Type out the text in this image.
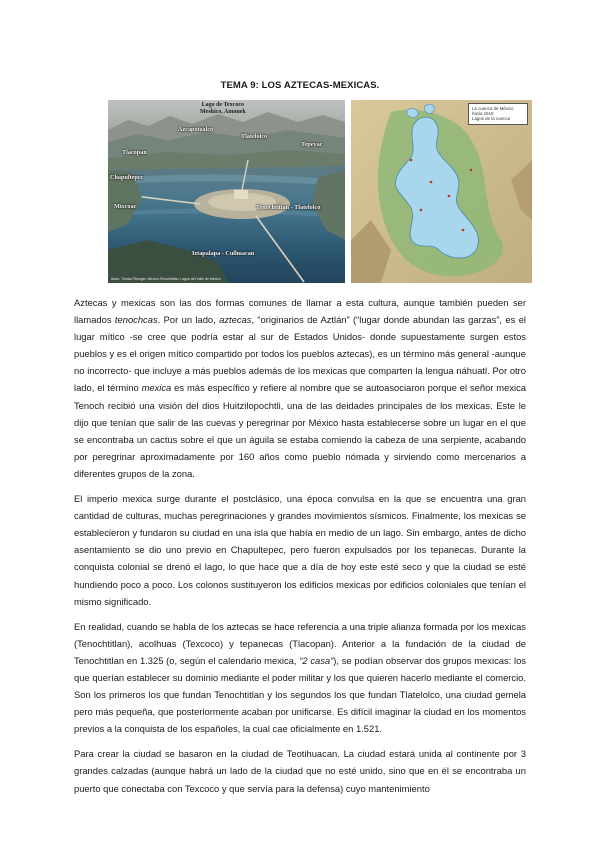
TEMA 9: LOS AZTECAS-MEXICAS.
Lago de Texcoco
Meshico, Amonek
Azcapotzalco
Tlatelolco
Tepeyac
Tlacopan
Chapultepec
Mixcoac	Tenochtitlan - Tlatelolco
Iztapalapa - Culhuacan
Autor: Tomás Filsinger. Mexico-Tenochtitlan. Lagos del Valle de México
La cuenca de México
hacia 1519
Lagos de la cuenca

Aztecas y mexicas son las dos formas comunes de llamar a esta cultura, aunque también pueden ser llamados tenochcas. Por un lado, aztecas, “originarios de Aztlán” (“lugar donde abundan las garzas”, es el lugar mítico -se cree que podría estar al sur de Estados Unidos- donde supuestamente surgen estos pueblos y es el origen mítico compartido por todos los pueblos aztecas), es un término más general -aunque no incorrecto- que incluye a más pueblos además de los mexicas que comparten la lengua náhuatl. Por otro lado, el término mexica es más específico y refiere al nombre que se autoasociaron porque el señor mexica Tenoch recibió una visión del dios Huitzilopochtli, una de las deidades principales de los mexicas. Este le dijo que tenían que salir de las cuevas y peregrinar por México hasta establecerse sobre un lugar en el que se encontraba un cactus sobre el que un águila se estaba comiendo la cabeza de una serpiente, acabando por peregrinar aproximadamente por 160 años como pueblo nómada y sirviendo como mercenarios a diferentes grupos de la zona.

El imperio mexica surge durante el postclásico, una época convulsa en la que se encuentra una gran cantidad de culturas, muchas peregrinaciones y grandes movimientos sísmicos. Finalmente, los mexicas se establecieron y fundaron su ciudad en una isla que había en medio de un lago. Sin embargo, antes de dicho asentamiento se dio uno previo en Chapultepec, pero fueron expulsados por los tepanecas. Durante la conquista colonial se drenó el lago, lo que hace que a día de hoy este esté seco y que la ciudad se esté hundiendo poco a poco. Los colonos sustituyeron los edificios mexicas por edificios coloniales que tenían el mismo significado.

En realidad, cuando se habla de los aztecas se hace referencia a una triple alianza formada por los mexicas (Tenochtitlan), acolhuas (Texcoco) y tepanecas (Tlacopan). Anterior a la fundación de la ciudad de Tenochtitlan en 1.325 (o, según el calendario mexica, “2 casa”), se podían observar dos grupos mexicas: los que querían establecer su dominio mediante el poder militar y los que quieren hacerlo mediante el comercio. Son los primeros los que fundan Tenochtitlan y los segundos los que fundan Tlatelolco, una ciudad gemela pero más pequeña, que posteriormente acaban por unificarse. Es difícil imaginar la ciudad en los momentos previos a la conquista de los españoles, la cual cae oficialmente en 1.521.

Para crear la ciudad se basaron en la ciudad de Teotihuacan. La ciudad estará unida al continente por 3 grandes calzadas (aunque habrá un lado de la ciudad que no esté unido, sino que en él se encontraba un puerto que conectaba con Texcoco y que servía para la defensa) cuyo mantenimiento
